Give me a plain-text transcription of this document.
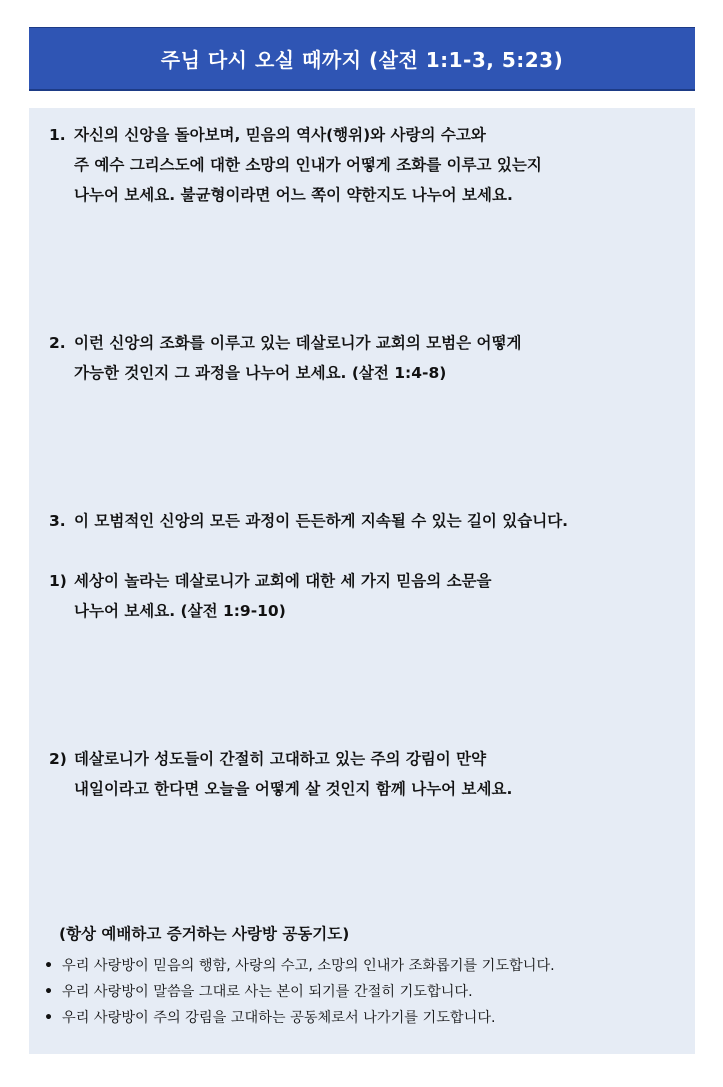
주님 다시 오실 때까지 (살전 1:1-3, 5:23)
1. 자신의 신앙을 돌아보며, 믿음의 역사(행위)와 사랑의 수고와
주 예수 그리스도에 대한 소망의 인내가 어떻게 조화를 이루고 있는지
나누어 보세요. 불균형이라면 어느 쪽이 약한지도 나누어 보세요.
2. 이런 신앙의 조화를 이루고 있는 데살로니가 교회의 모범은 어떻게
가능한 것인지 그 과정을 나누어 보세요. (살전 1:4-8)
3. 이 모범적인 신앙의 모든 과정이 든든하게 지속될 수 있는 길이 있습니다.
1) 세상이 놀라는 데살로니가 교회에 대한 세 가지 믿음의 소문을
나누어 보세요. (살전 1:9-10)
2) 데살로니가 성도들이 간절히 고대하고 있는 주의 강림이 만약
내일이라고 한다면 오늘을 어떻게 살 것인지 함께 나누어 보세요.
(항상 예배하고 증거하는 사랑방 공동기도)
• 우리 사랑방이 믿음의 행함, 사랑의 수고, 소망의 인내가 조화롭기를 기도합니다.
• 우리 사랑방이 말씀을 그대로 사는 본이 되기를 간절히 기도합니다.
• 우리 사랑방이 주의 강림을 고대하는 공동체로서 나가기를 기도합니다.
